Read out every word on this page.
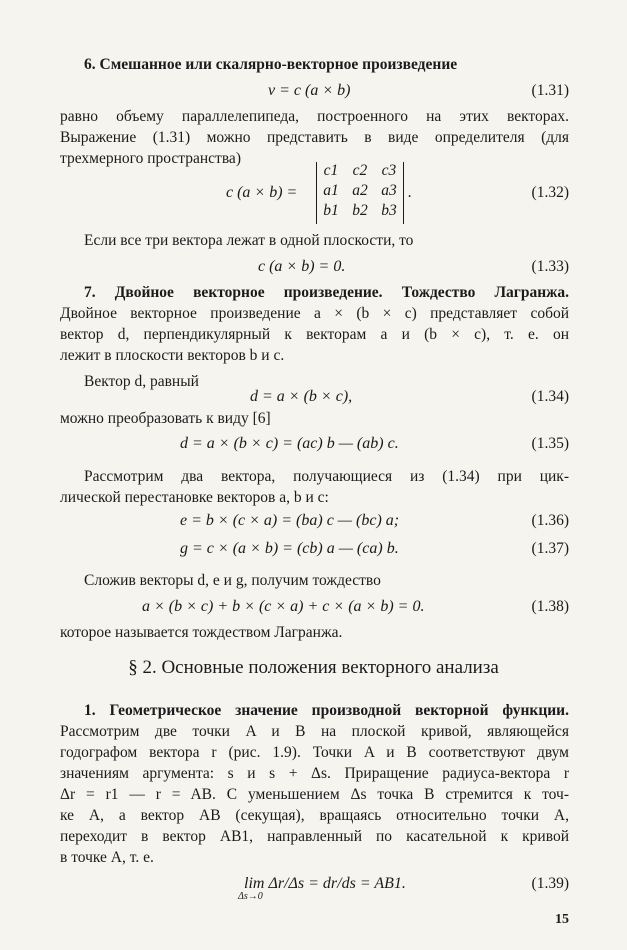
6. Смешанное или скалярно-векторное произведение
v = c (a × b)	(1.31)
равно объему параллелепипеда, построенного на этих векторах.
Выражение (1.31) можно представить в виде определителя (для
трехмерного пространства)
c (a × b) =
c1 c2 c3
a1 a2 a3
b1 b2 b3
.	(1.32)
Если все три вектора лежат в одной плоскости, то
c (a × b) = 0.	(1.33)
7. Двойное векторное произведение. Тождество Лагранжа.
Двойное векторное произведение a × (b × c) представляет собой
вектор d, перпендикулярный к векторам a и (b × c), т. е. он
лежит в плоскости векторов b и c.
Вектор d, равный
d = a × (b × c),	(1.34)
можно преобразовать к виду [6]
d = a × (b × c) = (ac) b — (ab) c.	(1.35)
Рассмотрим два вектора, получающиеся из (1.34) при цик-
лической перестановке векторов a, b и c:
e = b × (c × a) = (ba) c — (bc) a;	(1.36)
g = c × (a × b) = (cb) a — (ca) b.	(1.37)
Сложив векторы d, e и g, получим тождество
a × (b × c) + b × (c × a) + c × (a × b) = 0.	(1.38)
которое называется тождеством Лагранжа.
§ 2. Основные положения векторного анализа
1. Геометрическое значение производной векторной функции.
Рассмотрим две точки A и B на плоской кривой, являющейся
годографом вектора r (рис. 1.9). Точки A и B соответствуют двум
значениям аргумента: s и s + Δs. Приращение радиуса-вектора r
Δr = r1 — r = AB. С уменьшением Δs точка B стремится к точ-
ке A, а вектор AB (секущая), вращаясь относительно точки A,
переходит в вектор AB1, направленный по касательной к кривой
в точке A, т. е.
lim Δr/Δs = dr/ds = AB1.
Δs→0
(1.39)
15
